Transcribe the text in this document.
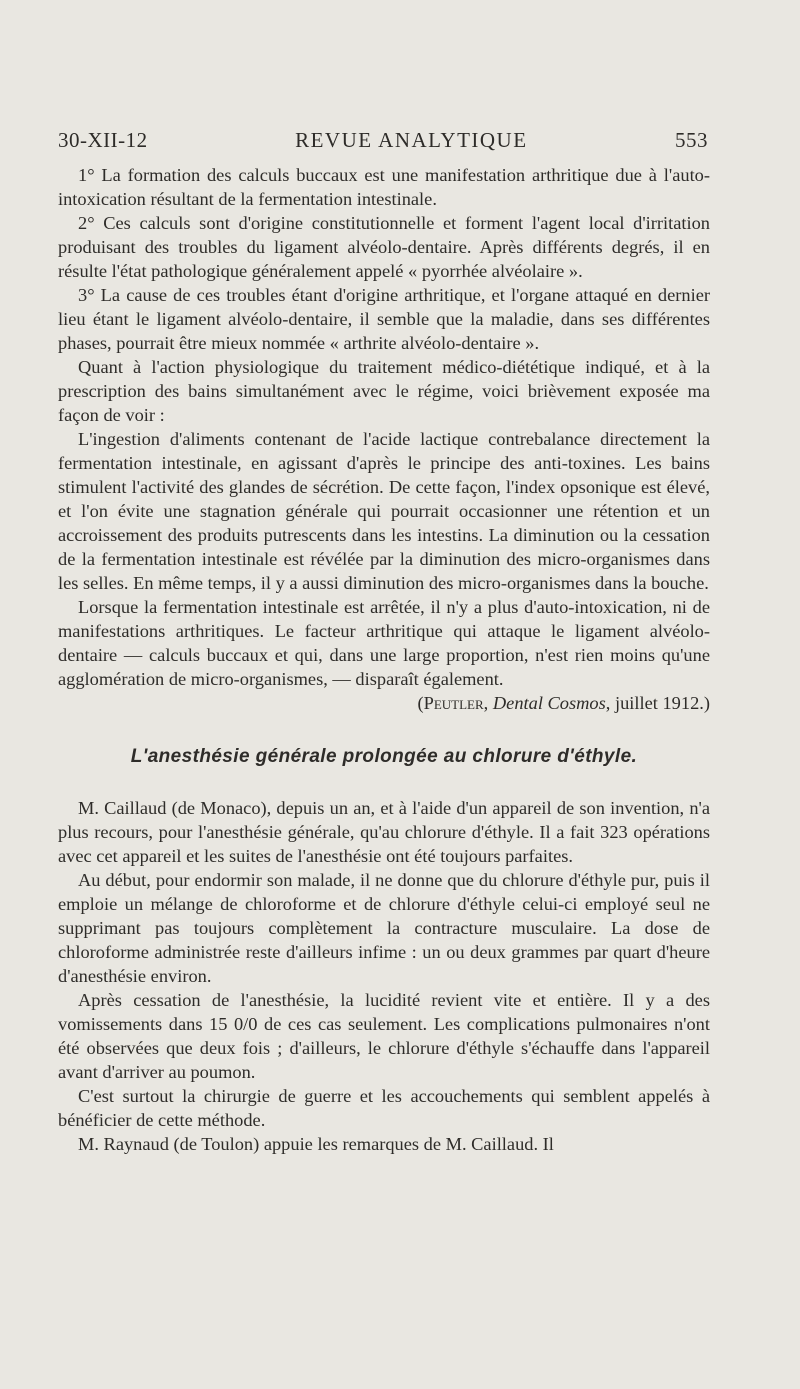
30-XII-12	REVUE ANALYTIQUE	553

1° La formation des calculs buccaux est une manifestation arthritique due à l'auto-intoxication résultant de la fermentation intestinale.

2° Ces calculs sont d'origine constitutionnelle et forment l'agent local d'irritation produisant des troubles du ligament alvéolo-dentaire. Après différents degrés, il en résulte l'état pathologique généralement appelé « pyorrhée alvéolaire ».

3° La cause de ces troubles étant d'origine arthritique, et l'organe attaqué en dernier lieu étant le ligament alvéolo-dentaire, il semble que la maladie, dans ses différentes phases, pourrait être mieux nommée « arthrite alvéolo-dentaire ».

Quant à l'action physiologique du traitement médico-diététique indiqué, et à la prescription des bains simultanément avec le régime, voici brièvement exposée ma façon de voir :

L'ingestion d'aliments contenant de l'acide lactique contrebalance directement la fermentation intestinale, en agissant d'après le principe des anti-toxines. Les bains stimulent l'activité des glandes de sécrétion. De cette façon, l'index opsonique est élevé, et l'on évite une stagnation générale qui pourrait occasionner une rétention et un accroissement des produits putrescents dans les intestins. La diminution ou la cessation de la fermentation intestinale est révélée par la diminution des micro-organismes dans les selles. En même temps, il y a aussi diminution des micro-organismes dans la bouche.

Lorsque la fermentation intestinale est arrêtée, il n'y a plus d'auto-intoxication, ni de manifestations arthritiques. Le facteur arthritique qui attaque le ligament alvéolo-dentaire — calculs buccaux et qui, dans une large proportion, n'est rien moins qu'une agglomération de micro-organismes, — disparaît également.

(Peutler, Dental Cosmos, juillet 1912.)

L'anesthésie générale prolongée au chlorure d'éthyle.

M. Caillaud (de Monaco), depuis un an, et à l'aide d'un appareil de son invention, n'a plus recours, pour l'anesthésie générale, qu'au chlorure d'éthyle. Il a fait 323 opérations avec cet appareil et les suites de l'anesthésie ont été toujours parfaites.

Au début, pour endormir son malade, il ne donne que du chlorure d'éthyle pur, puis il emploie un mélange de chloroforme et de chlorure d'éthyle celui-ci employé seul ne supprimant pas toujours complètement la contracture musculaire. La dose de chloroforme administrée reste d'ailleurs infime : un ou deux grammes par quart d'heure d'anesthésie environ.

Après cessation de l'anesthésie, la lucidité revient vite et entière. Il y a des vomissements dans 15 0/0 de ces cas seulement. Les complications pulmonaires n'ont été observées que deux fois ; d'ailleurs, le chlorure d'éthyle s'échauffe dans l'appareil avant d'arriver au poumon.

C'est surtout la chirurgie de guerre et les accouchements qui semblent appelés à bénéficier de cette méthode.

M. Raynaud (de Toulon) appuie les remarques de M. Caillaud. Il
